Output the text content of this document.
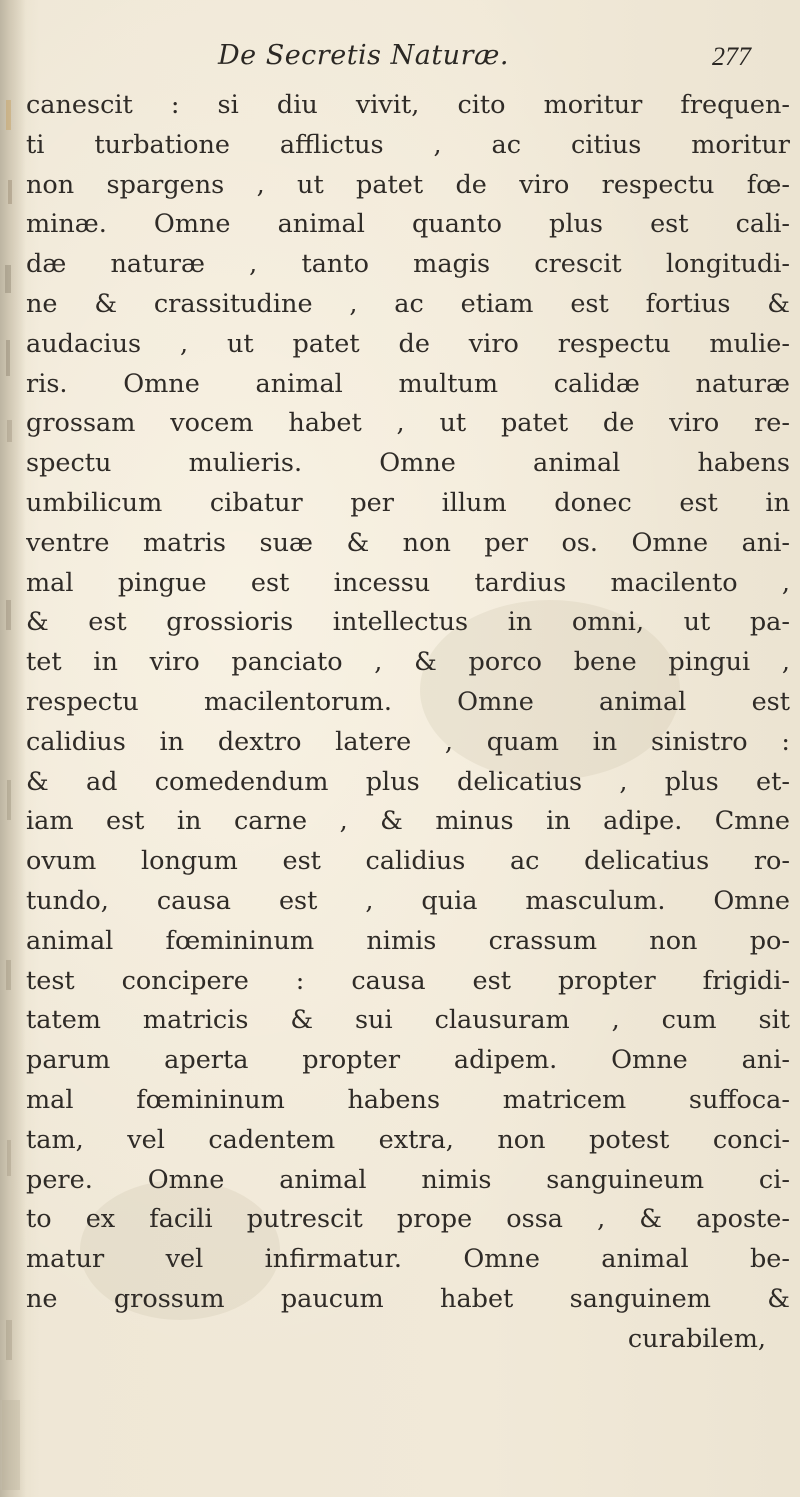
De Secretis Naturæ.	277
canescit : si diu vivit, cito moritur frequen-
ti turbatione afflictus , ac citius moritur
non spargens , ut patet de viro respectu fœ-
minæ. Omne animal quanto plus est cali-
dæ naturæ , tanto magis crescit longitudi-
ne & crassitudine , ac etiam est fortius &
audacius , ut patet de viro respectu mulie-
ris. Omne animal multum calidæ naturæ
grossam vocem habet , ut patet de viro re-
spectu mulieris. Omne animal habens
umbilicum cibatur per illum donec est in
ventre matris suæ & non per os. Omne ani-
mal pingue est incessu tardius macilento ,
& est grossioris intellectus in omni, ut pa-
tet in viro panciato , & porco bene pingui ,
respectu macilentorum. Omne animal est
calidius in dextro latere , quam in sinistro :
& ad comedendum plus delicatius , plus et-
iam est in carne , & minus in adipe. Cmne
ovum longum est calidius ac delicatius ro-
tundo, causa est , quia masculum. Omne
animal fœmininum nimis crassum non po-
test concipere : causa est propter frigidi-
tatem matricis & sui clausuram , cum sit
parum aperta propter adipem. Omne ani-
mal fœmininum habens matricem suffoca-
tam, vel cadentem extra, non potest conci-
pere. Omne animal nimis sanguineum ci-
to ex facili putrescit prope ossa , & aposte-
matur vel infirmatur. Omne animal be-
ne grossum paucum habet sanguinem &
curabilem,
